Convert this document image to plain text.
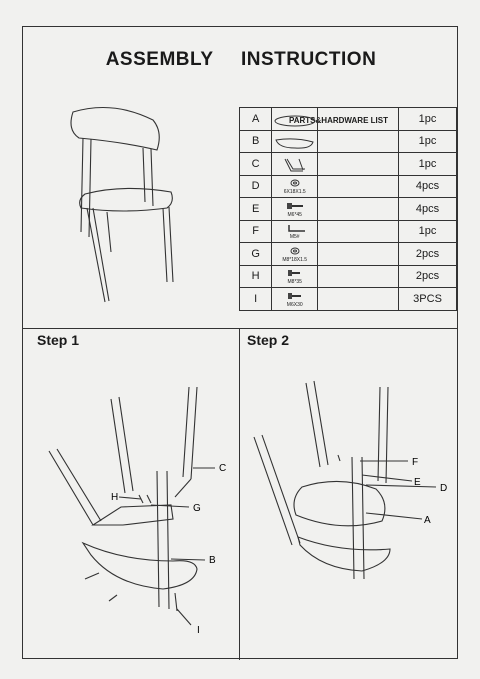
ASSEMBLY INSTRUCTION
PARTS&HARDWARE LIST
A			1pc
B			1pc
C			1pc
D	6X18X1.5		4pcs
E	M6*45		4pcs
F	M5#		1pc
G	M8*18X1.5		2pcs
H	M8*35		2pcs
I	M6X30		3PCS
Step 1	Step 2
C
H
G
B
I
F
E
D
A
